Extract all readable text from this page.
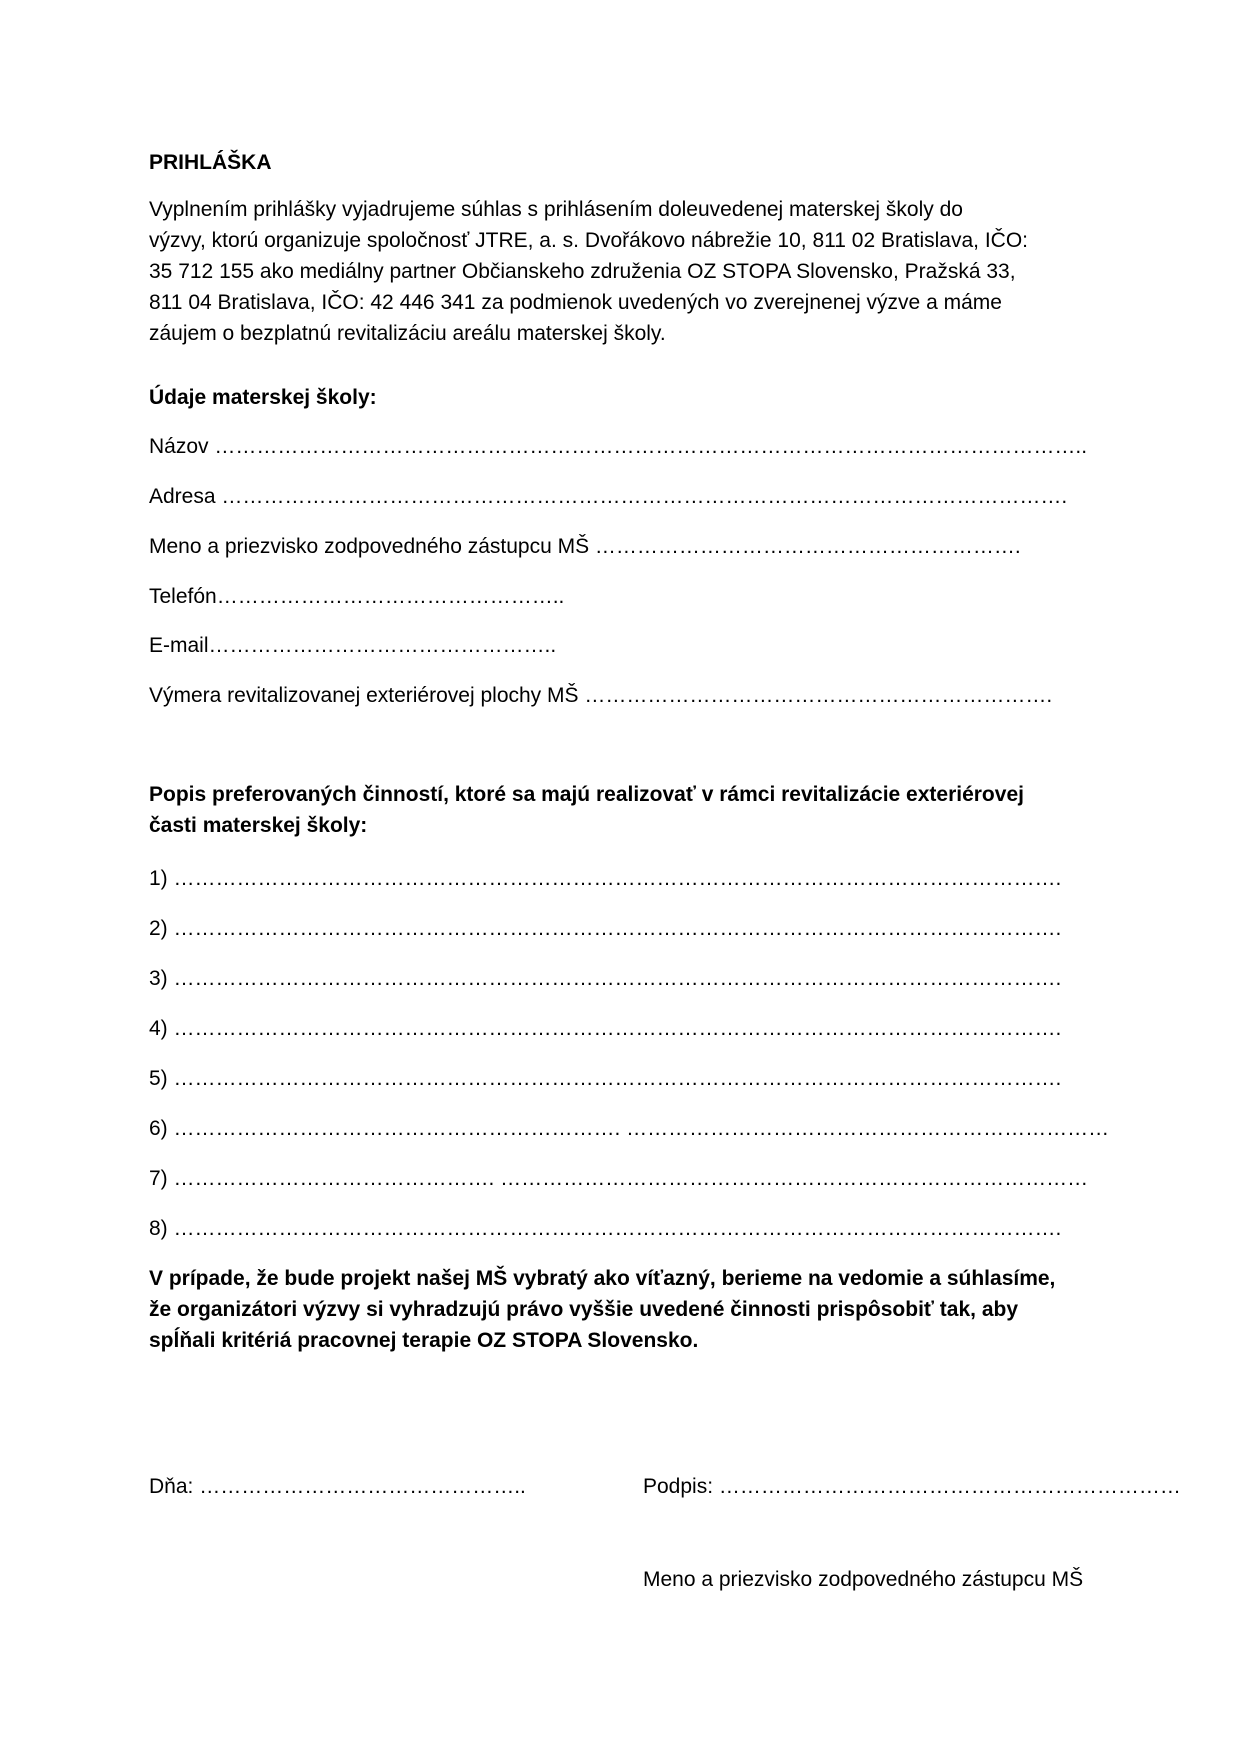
PRIHLÁŠKA
Vyplnením prihlášky vyjadrujeme súhlas s prihlásením doleuvedenej materskej školy do
výzvy, ktorú organizuje spoločnosť JTRE, a. s. Dvořákovo nábrežie 10, 811 02 Bratislava, IČO:
35 712 155 ako mediálny partner Občianskeho združenia OZ STOPA Slovensko, Pražská 33,
811 04 Bratislava, IČO: 42 446 341 za podmienok uvedených vo zverejnenej výzve a máme
záujem o bezplatnú revitalizáciu areálu materskej školy.
Údaje materskej školy:
Názov ……………………………………………………………………………………………………………..
Adresa ………………………………………………………………………………………………………….
Meno a priezvisko zodpovedného zástupcu MŠ …………………………………………………….
Telefón…………………………………………..
E-mail…………………………………………..
Výmera revitalizovanej exteriérovej plochy MŠ ………………………………………………………….
Popis preferovaných činností, ktoré sa majú realizovať v rámci revitalizácie exteriérovej
časti materskej školy:
1) ……………………………………………………………………………………………………………….
2) ……………………………………………………………………………………………………………….
3) ……………………………………………………………………………………………………………….
4) ……………………………………………………………………………………………………………….
5) ……………………………………………………………………………………………………………….
6) ………………………………………………………. ……………………………………………………………
7) ………………………………………. …………………………………………………………………………
8) ……………………………………………………………………………………………………………….
V prípade, že bude projekt našej MŠ vybratý ako víťazný, berieme na vedomie a súhlasíme,
že organizátori výzvy si vyhradzujú právo vyššie uvedené činnosti prispôsobiť tak, aby
spĺňali kritériá pracovnej terapie OZ STOPA Slovensko.
Dňa: ………………………………………..	Podpis: …………………………………………………………
Meno a priezvisko zodpovedného zástupcu MŠ
